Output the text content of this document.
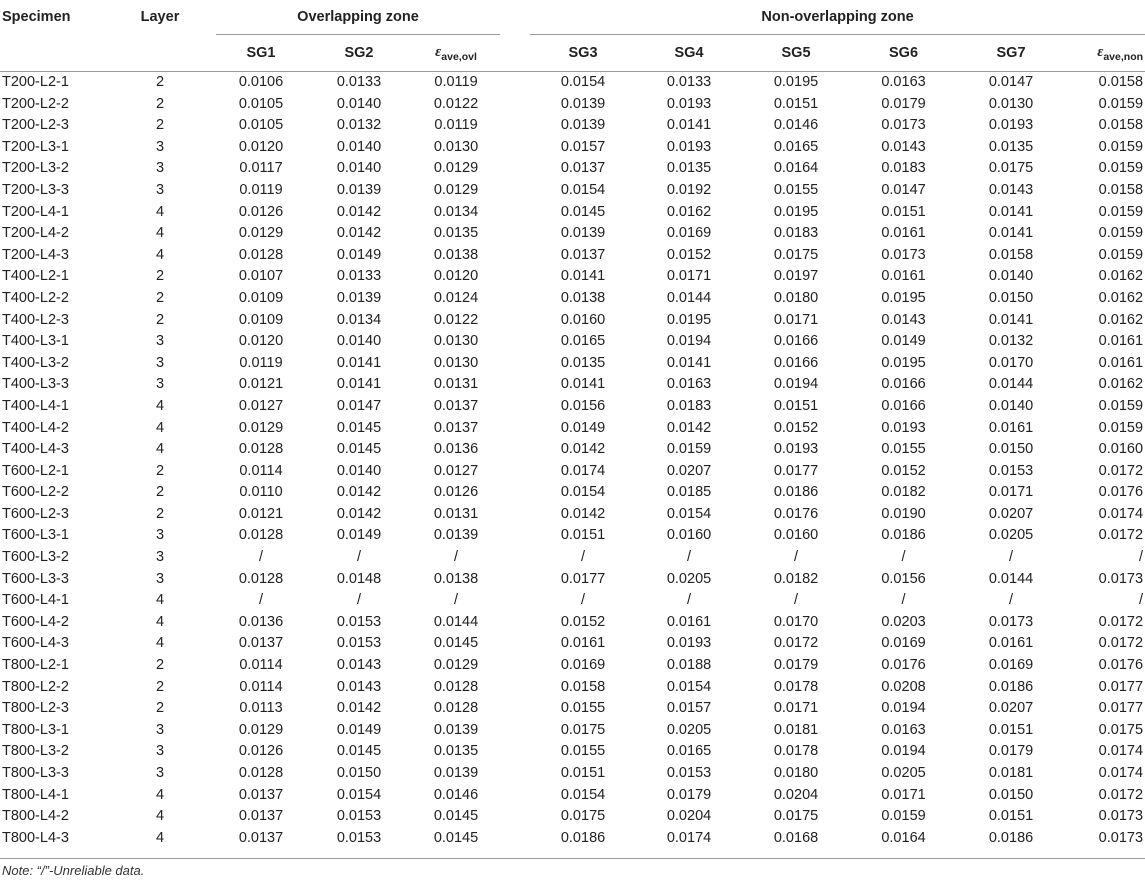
Specimen	Layer		Overlapping zone				Non-overlapping zone					
			SG1	SG2	$\varepsilon_{ave,ovl}$		SG3	SG4	SG5	SG6	SG7	$\varepsilon_{ave,non}$
T200-L2-1	2		0.0106	0.0133	0.0119		0.0154	0.0133	0.0195	0.0163	0.0147	0.0158
T200-L2-2	2		0.0105	0.0140	0.0122		0.0139	0.0193	0.0151	0.0179	0.0130	0.0159
T200-L2-3	2		0.0105	0.0132	0.0119		0.0139	0.0141	0.0146	0.0173	0.0193	0.0158
T200-L3-1	3		0.0120	0.0140	0.0130		0.0157	0.0193	0.0165	0.0143	0.0135	0.0159
T200-L3-2	3		0.0117	0.0140	0.0129		0.0137	0.0135	0.0164	0.0183	0.0175	0.0159
T200-L3-3	3		0.0119	0.0139	0.0129		0.0154	0.0192	0.0155	0.0147	0.0143	0.0158
T200-L4-1	4		0.0126	0.0142	0.0134		0.0145	0.0162	0.0195	0.0151	0.0141	0.0159
T200-L4-2	4		0.0129	0.0142	0.0135		0.0139	0.0169	0.0183	0.0161	0.0141	0.0159
T200-L4-3	4		0.0128	0.0149	0.0138		0.0137	0.0152	0.0175	0.0173	0.0158	0.0159
T400-L2-1	2		0.0107	0.0133	0.0120		0.0141	0.0171	0.0197	0.0161	0.0140	0.0162
T400-L2-2	2		0.0109	0.0139	0.0124		0.0138	0.0144	0.0180	0.0195	0.0150	0.0162
T400-L2-3	2		0.0109	0.0134	0.0122		0.0160	0.0195	0.0171	0.0143	0.0141	0.0162
T400-L3-1	3		0.0120	0.0140	0.0130		0.0165	0.0194	0.0166	0.0149	0.0132	0.0161
T400-L3-2	3		0.0119	0.0141	0.0130		0.0135	0.0141	0.0166	0.0195	0.0170	0.0161
T400-L3-3	3		0.0121	0.0141	0.0131		0.0141	0.0163	0.0194	0.0166	0.0144	0.0162
T400-L4-1	4		0.0127	0.0147	0.0137		0.0156	0.0183	0.0151	0.0166	0.0140	0.0159
T400-L4-2	4		0.0129	0.0145	0.0137		0.0149	0.0142	0.0152	0.0193	0.0161	0.0159
T400-L4-3	4		0.0128	0.0145	0.0136		0.0142	0.0159	0.0193	0.0155	0.0150	0.0160
T600-L2-1	2		0.0114	0.0140	0.0127		0.0174	0.0207	0.0177	0.0152	0.0153	0.0172
T600-L2-2	2		0.0110	0.0142	0.0126		0.0154	0.0185	0.0186	0.0182	0.0171	0.0176
T600-L2-3	2		0.0121	0.0142	0.0131		0.0142	0.0154	0.0176	0.0190	0.0207	0.0174
T600-L3-1	3		0.0128	0.0149	0.0139		0.0151	0.0160	0.0160	0.0186	0.0205	0.0172
T600-L3-2	3		/	/	/		/	/	/	/	/	/
T600-L3-3	3		0.0128	0.0148	0.0138		0.0177	0.0205	0.0182	0.0156	0.0144	0.0173
T600-L4-1	4		/	/	/		/	/	/	/	/	/
T600-L4-2	4		0.0136	0.0153	0.0144		0.0152	0.0161	0.0170	0.0203	0.0173	0.0172
T600-L4-3	4		0.0137	0.0153	0.0145		0.0161	0.0193	0.0172	0.0169	0.0161	0.0172
T800-L2-1	2		0.0114	0.0143	0.0129		0.0169	0.0188	0.0179	0.0176	0.0169	0.0176
T800-L2-2	2		0.0114	0.0143	0.0128		0.0158	0.0154	0.0178	0.0208	0.0186	0.0177
T800-L2-3	2		0.0113	0.0142	0.0128		0.0155	0.0157	0.0171	0.0194	0.0207	0.0177
T800-L3-1	3		0.0129	0.0149	0.0139		0.0175	0.0205	0.0181	0.0163	0.0151	0.0175
T800-L3-2	3		0.0126	0.0145	0.0135		0.0155	0.0165	0.0178	0.0194	0.0179	0.0174
T800-L3-3	3		0.0128	0.0150	0.0139		0.0151	0.0153	0.0180	0.0205	0.0181	0.0174
T800-L4-1	4		0.0137	0.0154	0.0146		0.0154	0.0179	0.0204	0.0171	0.0150	0.0172
T800-L4-2	4		0.0137	0.0153	0.0145		0.0175	0.0204	0.0175	0.0159	0.0151	0.0173
T800-L4-3	4		0.0137	0.0153	0.0145		0.0186	0.0174	0.0168	0.0164	0.0186	0.0173
Note: “/”-Unreliable data.
